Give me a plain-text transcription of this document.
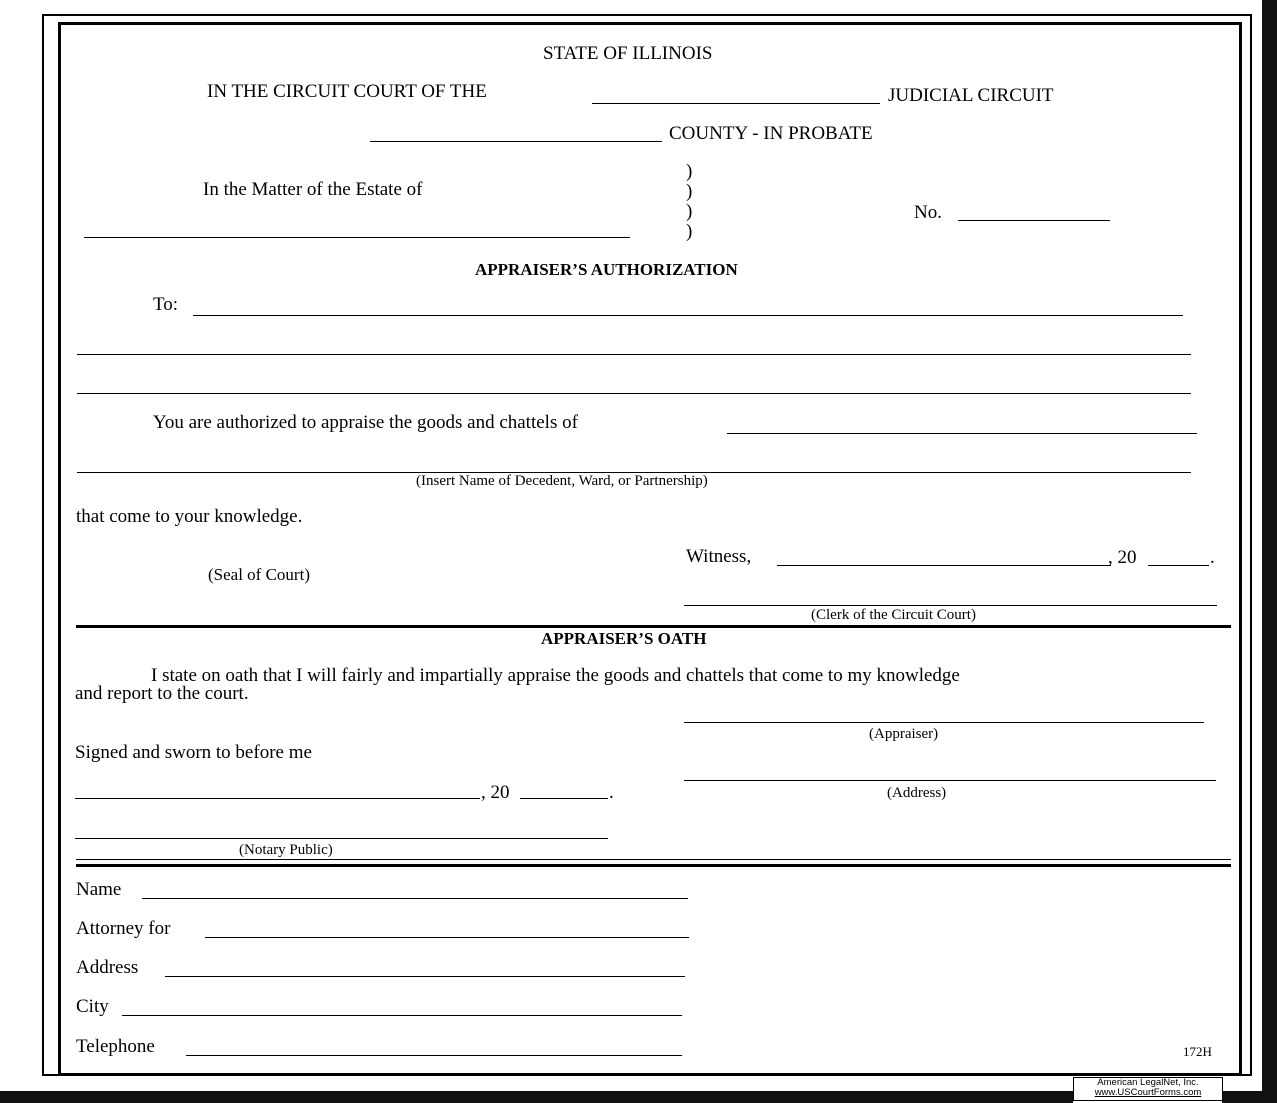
STATE OF ILLINOIS
IN THE CIRCUIT COURT OF THE	JUDICIAL CIRCUIT
COUNTY - IN PROBATE
In the Matter of the Estate of
)
)
)
)
No.
APPRAISER’S AUTHORIZATION
To:
You are authorized to appraise the goods and chattels of
(Insert Name of Decedent, Ward, or Partnership)
that come to your knowledge.
(Seal of Court)
Witness,	, 20	.
(Clerk of the Circuit Court)
APPRAISER’S OATH
I state on oath that I will fairly and impartially appraise the goods and chattels that come to my knowledge
and report to the court.
(Appraiser)
Signed and sworn to before me
(Address)
, 20	.
(Notary Public)
Name
Attorney for
Address
City
Telephone	172H
American LegalNet, Inc.
www.USCourtForms.com
